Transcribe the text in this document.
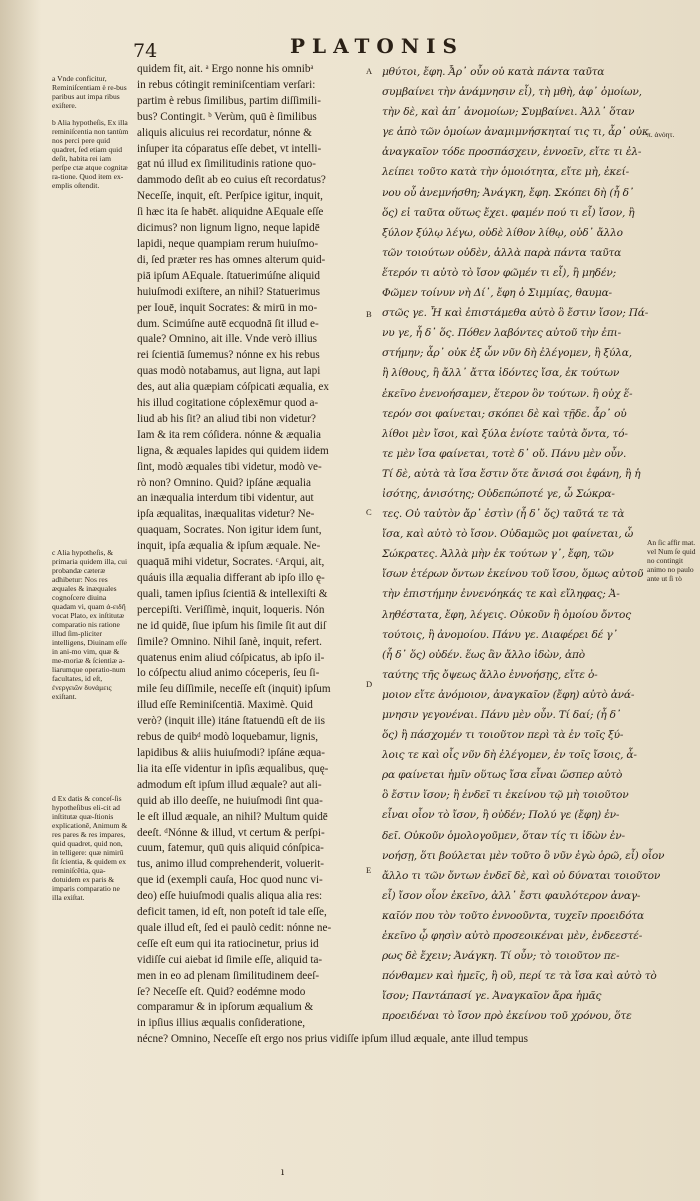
74	PLATONIS

a Vnde conficitur, Reminiſcentiam è re-bus paribus aut impa ribus exiſtere.

b Alia hypotheſis, Ex illa reminiſcentia non tantùm nos perci pere quid quadret, ſed etiam quid deſit, habita rei iam perſpe ctæ atque cognitæ ra-tione. Quod item ex-emplis oſtendit.

c Alia hypotheſis, & primaria quidem illa, cui probandæ cæteræ adhibetur: Nos res æquales & inæquales cognoſcere diuina quadam vi, quam ἀ-ειδῆ vocat Plato, ex inſtitutæ comparatio nis ratione illud ſim-pliciter intelligens, Diuinam eſſe in ani-mo vim, quæ & me-moriæ & ſcientiæ a-liarumque operatio-num facultates, id eſt, ἐνεργειῶν δυνάμεις exiſtant.

d Ex datis & conceſ-ſis hypotheſibus eli-cit ad inſtitutæ quæ-ſtionis explicationē, Animum & res pares & res impares, quid quadret, quid non, in telligere: quæ nimirū ſit ſcientia, & quidem ex reminiſcētia, qua-dotuidem ex paris & imparis comparatio ne illa exiſtat.

quidem fit, ait. ᵃ Ergo nonne his omnibᵃ

in rebus cótingit reminiſcentiam verſari:

partim è rebus ſimilibus, partim diſſimili-

bus? Contingit. ᵇ Verùm, quū è ſimilibus

aliquis alicuius rei recordatur, nónne &

inſuper ita cóparatus eſſe debet, vt intelli-

gat nú illud ex ſimilitudinis ratione quo-

dammodo deſit ab eo cuius eſt recordatus?

Neceſſe, inquit, eſt. Perſpice igitur, inquit,

ſi hæc ita ſe habēt. aliquidne AEquale eſſe

dicimus? non lignum ligno, neque lapidē

lapidi, neque quampiam rerum huiuſmo-

di, ſed præter res has omnes alterum quid-

piā ipſum AEquale. ſtatuerimúſne aliquid

huiuſmodi exiſtere, an nihil? Statuerimus

per Iouē, inquit Socrates: & mirū in mo-

dum. Scimúſne autē ecquodnā ſit illud e-

quale? Omnino, ait ille. Vnde verò illius

rei ſcientiā ſumemus? nónne ex his rebus

quas modò notabamus, aut ligna, aut lapi

des, aut alia quæpiam cóſpicati æqualia, ex

his illud cogitatione cóplexēmur quod a-

liud ab his ſit? an aliud tibi non videtur?

Iam & ita rem cóſidera. nónne & æqualia

ligna, & æquales lapides qui quidem iidem

ſint, modò æquales tibi videtur, modò ve-

rò non? Omnino. Quid? ipſáne æqualia

an inæqualia interdum tibi videntur, aut

ipſa æqualitas, inæqualitas videtur? Ne-

quaquam, Socrates. Non igitur idem ſunt,

inquit, ipſa æqualia & ipſum æquale. Ne-

quaquā mihi videtur, Socrates. ᶜArqui, ait,

quáuis illa æqualia differant ab ipſo illo ę-

quali, tamen ipſius ſcientiā & intellexiſti &

percepiſti. Veriſſimè, inquit, loqueris. Nón

ne id quidē, ſiue ipſum his ſimile ſit aut diſ

ſimile? Omnino. Nihil ſanè, inquit, refert.

quatenus enim aliud cóſpicatus, ab ipſo il-

lo cóſpectu aliud animo cóceperis, ſeu ſi-

mile ſeu diſſimile, neceſſe eſt (inquit) ipſum

illud eſſe Reminiſcentiā. Maximè. Quid

verò? (inquit ille) itáne ſtatuendū eſt de iis

rebus de quibᵈ modò loquebamur, lignis,

lapidibus & aliis huiuſmodi? ipſáne æqua-

lia ita eſſe videntur in ipſis æqualibus, quę-

admodum eſt ipſum illud æquale? aut ali-

quid ab illo deeſſe, ne huiuſmodi ſint qua-

le eſt illud æquale, an nihil? Multum quidē

deeſt. ᵈNónne & illud, vt certum & perſpi-

cuum, fatemur, quū quis aliquid cónſpica-

tus, animo illud comprehenderit, voluerit-

que id (exempli cauſa, Hoc quod nunc vi-

deo) eſſe huiuſmodi qualis aliqua alia res:

deficit tamen, id eſt, non poteſt id tale eſſe,

quale illud eſt, ſed ei paulò cedit: nónne ne-

ceſſe eſt eum qui ita ratiocinetur, prius id

vidiſſe cui aiebat id ſimile eſſe, aliquid ta-

men in eo ad plenam ſimilitudinem deeſ-

ſe? Neceſſe eſt. Quid? eodémne modo

comparamur & in ipſorum æqualium &

in ipſius illius æqualis conſideratione,

nécne? Omnino, Neceſſe eſt ergo nos prius vidiſſe ipſum illud æquale, ante illud tempus

A
B
C
D
E

μθύτοι, ἔφη. Ἆρ᾽ οὖν οὐ κατὰ πάντα ταῦτα

συμβαίνει τὴν ἀνάμνησιν εἶ), τὴ μθὴ, ἀφ᾽ ὁμοίων,

τὴν δὲ, καὶ ἀπ᾽ ἀνομοίων; Συμβαίνει. Ἀλλ᾽ ὅταν

γε ἀπὸ τῶν ὁμοίων ἀναμιμνήσκηταί τις τι, ἆρ᾽ οὐκ

ἀναγκαῖον τόδε προσπάσχειν, ἐννοεῖν, εἴτε τι ἐλ-

λείπει τοῦτο κατὰ τὴν ὁμοιότητα, εἴτε μὴ, ἐκεί-

νου οὗ ἀνεμνήσθη; Ἀνάγκη, ἔφη. Σκόπει δὴ (ἦ δ᾽

ὅς) εἰ ταῦτα οὕτως ἔχει. φαμέν πού τι εἶ) ἴσον, ἢ

ξύλον ξύλῳ λέγω, οὐδὲ λίθον λίθῳ, οὐδ᾽ ἄλλο

τῶν τοιούτων οὐδὲν, ἀλλὰ παρὰ πάντα ταῦτα

ἕτερόν τι αὐτὸ τὸ ἴσον φῶμέν τι εἶ), ἢ μηδέν;

Φῶμεν τοίνυν νὴ Δί᾽, ἔφη ὁ Σιμμίας, θαυμα-

στῶς γε. Ἦ καὶ ἐπιστάμεθα αὐτὸ ὃ ἔστιν ἴσον; Πά-

νυ γε, ἦ δ᾽ ὅς. Πόθεν λαβόντες αὐτοῦ τὴν ἐπι-

στήμην; ἆρ᾽ οὐκ ἐξ ὧν νῦν δὴ ἐλέγομεν, ἢ ξύλα,

ἢ λίθους, ἢ ἄλλ᾽ ἄττα ἰδόντες ἴσα, ἐκ τούτων

ἐκεῖνο ἐνενοήσαμεν, ἕτερον ὂν τούτων. ἢ οὐχ ἕ-

τερόν σοι φαίνεται; σκόπει δὲ καὶ τῇδε. ἆρ᾽ οὐ

λίθοι μὲν ἴσοι, καὶ ξύλα ἐνίοτε ταὐτὰ ὄντα, τό-

τε μὲν ἴσα φαίνεται, τοτὲ δ᾽ οὔ. Πάνυ μὲν οὖν.

Τί δὲ, αὐτὰ τὰ ἴσα ἔστιν ὅτε ἄνισά σοι ἐφάνη, ἢ ἡ

ἰσότης, ἀνισότης; Οὐδεπώποτέ γε, ὦ Σώκρα-

τες. Οὐ ταὐτὸν ἄρ᾽ ἐστὶν (ἦ δ᾽ ὅς) ταῦτά τε τὰ

ἴσα, καὶ αὐτὸ τὸ ἴσον. Οὐδαμῶς μοι φαίνεται, ὦ

Σώκρατες. Ἀλλὰ μὴν ἐκ τούτων γ᾽, ἔφη, τῶν

ἴσων ἑτέρων ὄντων ἐκείνου τοῦ ἴσου, ὅμως αὐτοῦ

τὴν ἐπιστήμην ἐννενόηκάς τε καὶ εἴληφας; Ἀ-

ληθέστατα, ἔφη, λέγεις. Οὐκοῦν ἢ ὁμοίου ὄντος

τούτοις, ἢ ἀνομοίου. Πάνυ γε. Διαφέρει δέ γ᾽

(ἦ δ᾽ ὅς) οὐδέν. ἕως ἂν ἄλλο ἰδὼν, ἀπὸ

ταύτης τῆς ὄψεως ἄλλο ἐννοήσῃς, εἴτε ὁ-

μοιον εἴτε ἀνόμοιον, ἀναγκαῖον (ἔφη) αὐτὸ ἀνά-

μνησιν γεγονέναι. Πάνυ μὲν οὖν. Τί δαί; (ἦ δ᾽

ὅς) ἢ πάσχομέν τι τοιοῦτον περὶ τὰ ἐν τοῖς ξύ-

λοις τε καὶ οἷς νῦν δὴ ἐλέγομεν, ἐν τοῖς ἴσοις, ἆ-

ρα φαίνεται ἡμῖν οὕτως ἴσα εἶναι ὥσπερ αὐτὸ

ὃ ἔστιν ἴσον; ἢ ἐνδεῖ τι ἐκείνου τῷ μὴ τοιοῦτον

εἶναι οἷον τὸ ἴσον, ἢ οὐδέν; Πολύ γε (ἔφη) ἐν-

δεῖ. Οὐκοῦν ὁμολογοῦμεν, ὅταν τίς τι ἰδὼν ἐν-

νοήσῃ, ὅτι βούλεται μὲν τοῦτο ὃ νῦν ἐγὼ ὁρῶ, εἶ) οἷον

ἄλλο τι τῶν ὄντων ἐνδεῖ δὲ, καὶ οὐ δύναται τοιοῦτον

εἶ) ἴσον οἷον ἐκεῖνο, ἀλλ᾽ ἔστι φαυλότερον ἀναγ-

καῖόν που τὸν τοῦτο ἐννοοῦντα, τυχεῖν προειδότα

ἐκεῖνο ᾧ φησὶν αὐτὸ προσεοικέναι μὲν, ἐνδεεστέ-

ρως δὲ ἔχειν; Ἀνάγκη. Τί οὖν; τὸ τοιοῦτον πε-

πόνθαμεν καὶ ἡμεῖς, ἢ οὒ, περί τε τὰ ἴσα καὶ αὐτὸ τὸ

ἴσον; Παντάπασί γε. Ἀναγκαῖον ἄρα ἡμᾶς

προειδέναι τὸ ἴσον πρὸ ἐκείνου τοῦ χρόνου, ὅτε

π. ἀνόητ.
An ſic affir mat. vel Num ſe quid no contingit animo no paulo ante ut ſi τὸ
ı
